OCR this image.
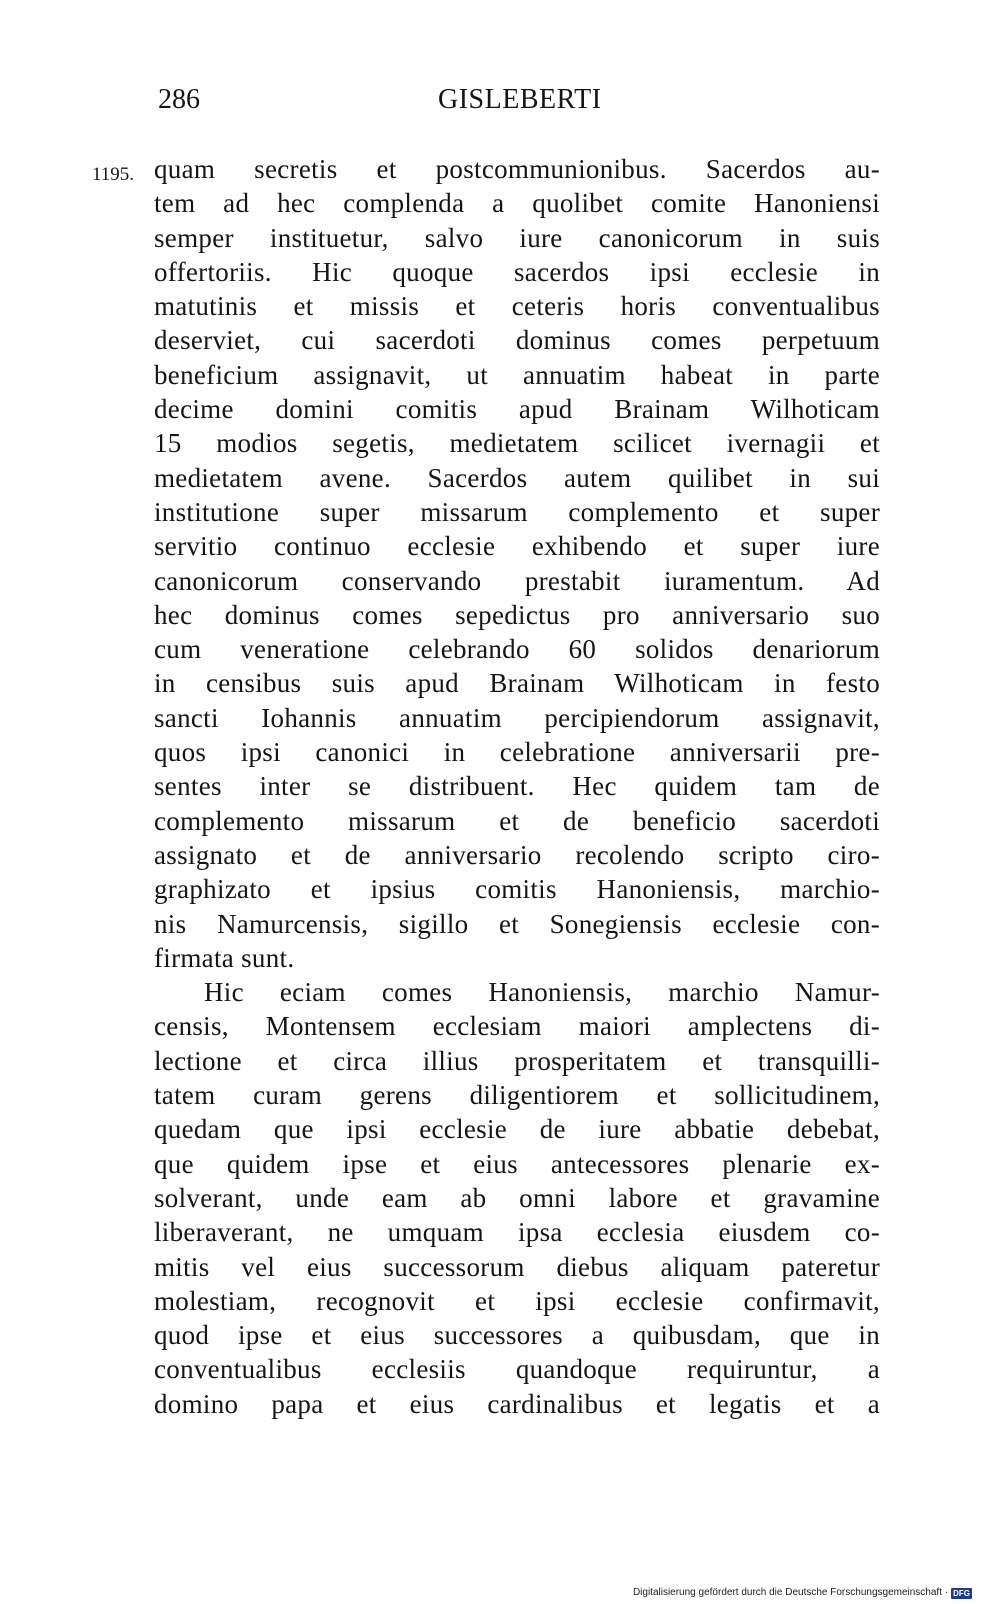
286	GISLEBERTI
1195. quam secretis et postcommunionibus. Sacerdos au-
tem ad hec complenda a quolibet comite Hanoniensi
semper instituetur, salvo iure canonicorum in suis
offertoriis. Hic quoque sacerdos ipsi ecclesie in
matutinis et missis et ceteris horis conventualibus
deserviet, cui sacerdoti dominus comes perpetuum
beneficium assignavit, ut annuatim habeat in parte
decime domini comitis apud Brainam Wilhoticam
15 modios segetis, medietatem scilicet ivernagii et
medietatem avene. Sacerdos autem quilibet in sui
institutione super missarum complemento et super
servitio continuo ecclesie exhibendo et super iure
canonicorum conservando prestabit iuramentum. Ad
hec dominus comes sepedictus pro anniversario suo
cum veneratione celebrando 60 solidos denariorum
in censibus suis apud Brainam Wilhoticam in festo
sancti Iohannis annuatim percipiendorum assignavit,
quos ipsi canonici in celebratione anniversarii pre-
sentes inter se distribuent. Hec quidem tam de
complemento missarum et de beneficio sacerdoti
assignato et de anniversario recolendo scripto ciro-
graphizato et ipsius comitis Hanoniensis, marchio-
nis Namurcensis, sigillo et Sonegiensis ecclesie con-
firmata sunt.
Hic eciam comes Hanoniensis, marchio Namur-
censis, Montensem ecclesiam maiori amplectens di-
lectione et circa illius prosperitatem et transquilli-
tatem curam gerens diligentiorem et sollicitudinem,
quedam que ipsi ecclesie de iure abbatie debebat,
que quidem ipse et eius antecessores plenarie ex-
solverant, unde eam ab omni labore et gravamine
liberaverant, ne umquam ipsa ecclesia eiusdem co-
mitis vel eius successorum diebus aliquam pateretur
molestiam, recognovit et ipsi ecclesie confirmavit,
quod ipse et eius successores a quibusdam, que in
conventualibus ecclesiis quandoque requiruntur, a
domino papa et eius cardinalibus et legatis et a
Digitalisierung gefördert durch die Deutsche Forschungsgemeinschaft · DFG
